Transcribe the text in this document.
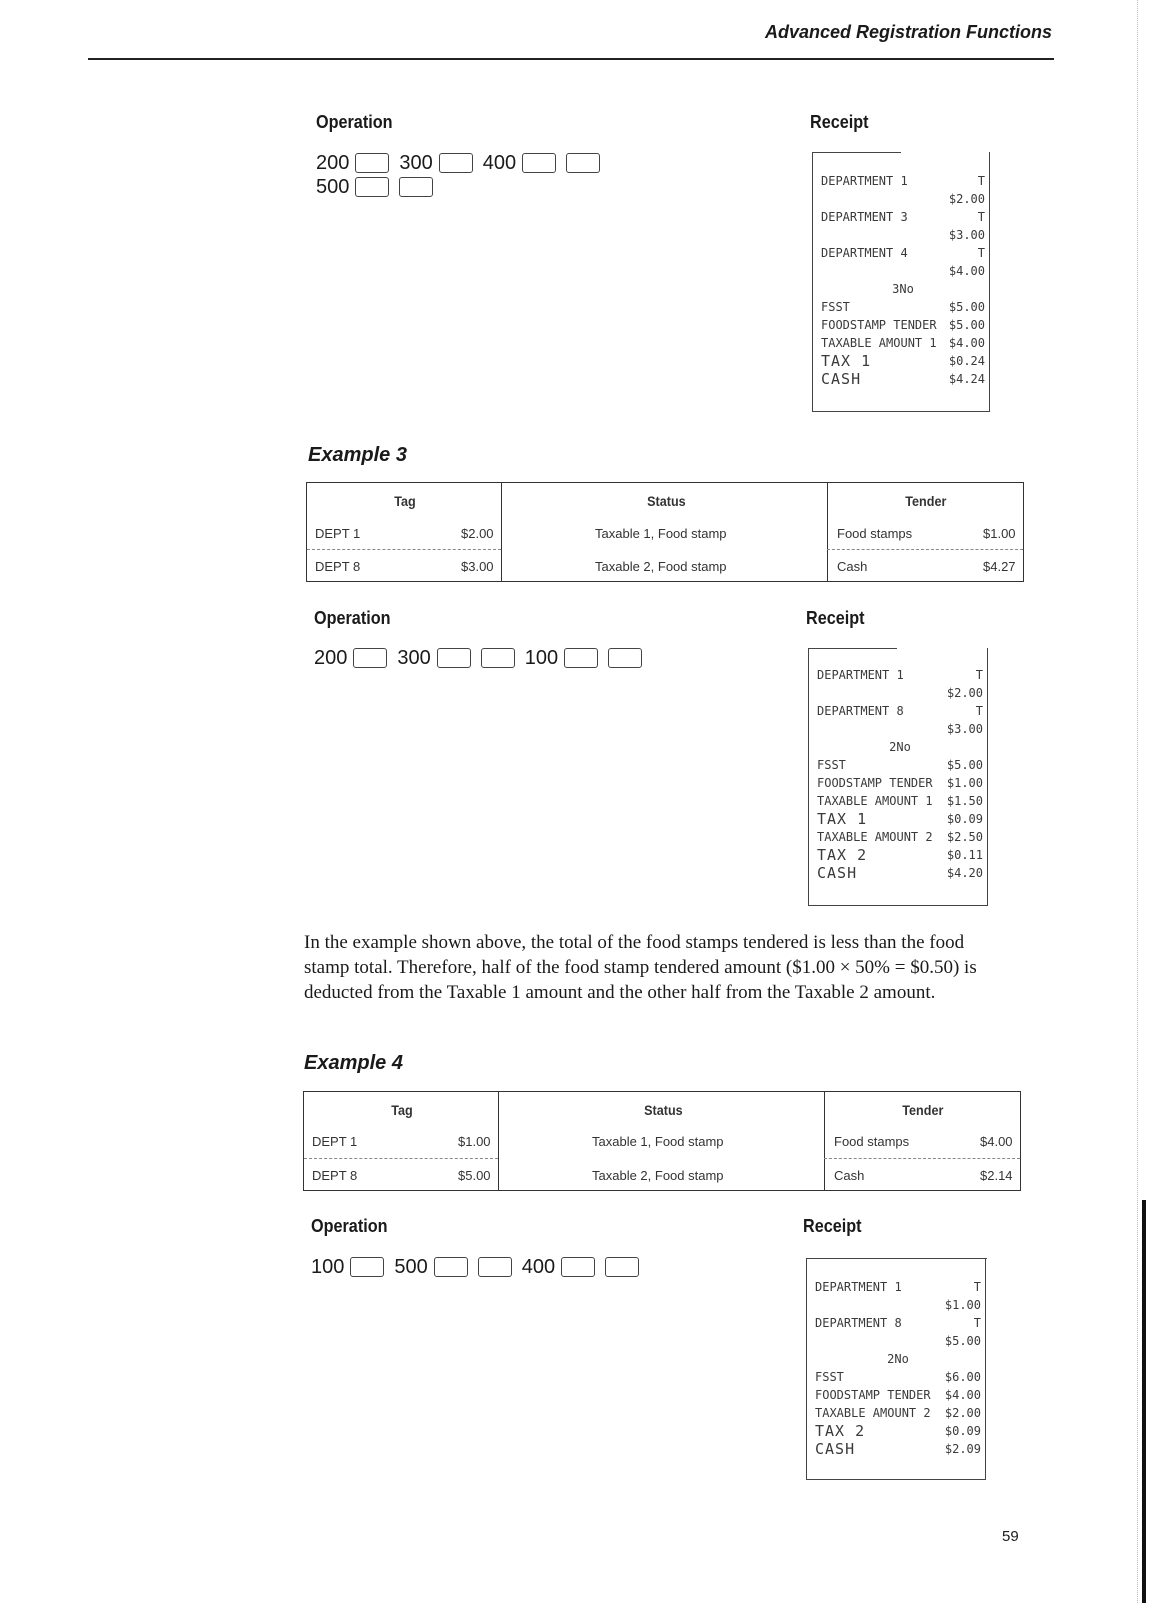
Advanced Registration Functions
Operation	Receipt
200	300	400
500	DEPARTMENT 1	T
$2.00
DEPARTMENT 3	T
$3.00
DEPARTMENT 4	T
$4.00
3No
FSST	$5.00
FOODSTAMP TENDER $5.00
TAXABLE AMOUNT 1 $4.00
TAX 1	$0.24
CASH	$4.24
Example 3
Tag	Status	Tender
DEPT 1	$2.00	Taxable 1, Food stamp	Food stamps	$1.00
DEPT 8	$3.00	Taxable 2, Food stamp	Cash	$4.27
Operation	Receipt
200	300	100
DEPARTMENT 1	T
$2.00
DEPARTMENT 8	T
$3.00
2No
FSST	$5.00
FOODSTAMP TENDER $1.00
TAXABLE AMOUNT 1 $1.50
TAX 1	$0.09
TAXABLE AMOUNT 2 $2.50
TAX 2	$0.11
CASH	$4.20
In the example shown above, the total of the food stamps tendered is less than the food stamp total. Therefore, half of the food stamp tendered amount ($1.00 × 50% = $0.50) is deducted from the Taxable 1 amount and the other half from the Taxable 2 amount.
Example 4
Tag	Status	Tender
DEPT 1	$1.00	Taxable 1, Food stamp	Food stamps	$4.00
DEPT 8	$5.00	Taxable 2, Food stamp	Cash	$2.14
Operation	Receipt
100	500	400
DEPARTMENT 1	T
$1.00
DEPARTMENT 8	T
$5.00
2No
FSST	$6.00
FOODSTAMP TENDER $4.00
TAXABLE AMOUNT 2 $2.00
TAX 2	$0.09
CASH	$2.09
59
